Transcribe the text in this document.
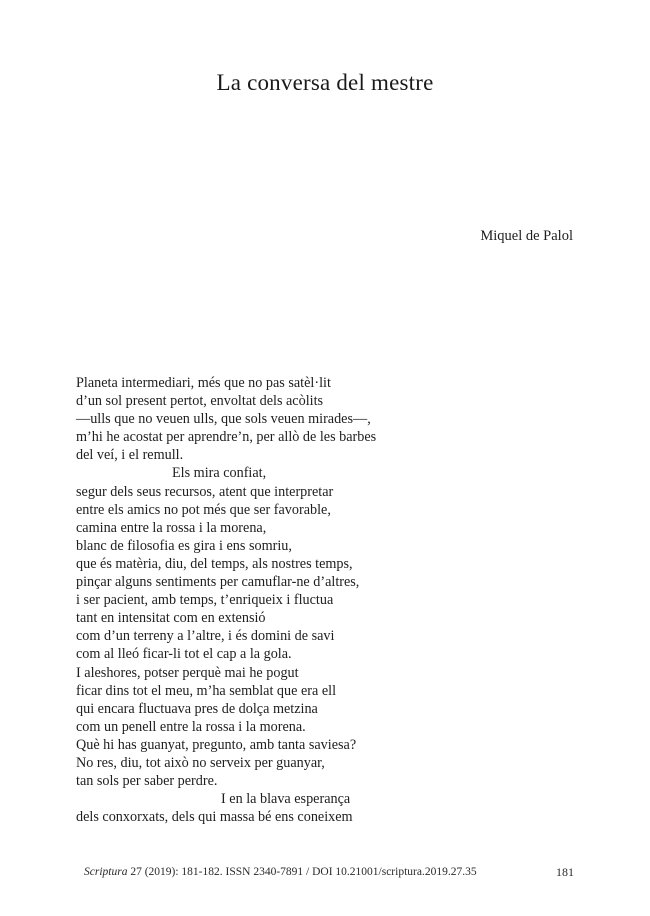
La conversa del mestre
Miquel de Palol
Planeta intermediari, més que no pas satèl·lit
d’un sol present pertot, envoltat dels acòlits
—ulls que no veuen ulls, que sols veuen mirades—,
m’hi he acostat per aprendre’n, per allò de les barbes
del veí, i el remull.
Els mira confiat,
segur dels seus recursos, atent que interpretar
entre els amics no pot més que ser favorable,
camina entre la rossa i la morena,
blanc de filosofia es gira i ens somriu,
que és matèria, diu, del temps, als nostres temps,
pinçar alguns sentiments per camuflar-ne d’altres,
i ser pacient, amb temps, t’enriqueix i fluctua
tant en intensitat com en extensió
com d’un terreny a l’altre, i és domini de savi
com al lleó ficar-li tot el cap a la gola.
I aleshores, potser perquè mai he pogut
ficar dins tot el meu, m’ha semblat que era ell
qui encara fluctuava pres de dolça metzina
com un penell entre la rossa i la morena.
Què hi has guanyat, pregunto, amb tanta saviesa?
No res, diu, tot això no serveix per guanyar,
tan sols per saber perdre.
I en la blava esperança
dels conxorxats, dels qui massa bé ens coneixem
Scriptura 27 (2019): 181-182. ISSN 2340-7891 / DOI 10.21001/scriptura.2019.27.35	181
